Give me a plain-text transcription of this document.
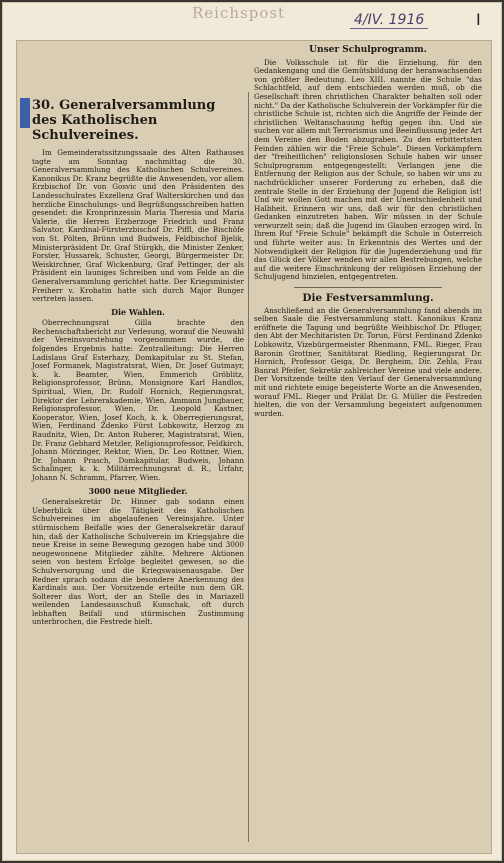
Reichspost	4/IV. 1916	I
30. Generalversammlung des Katholischen Schulvereines.

Im Gemeinderatssitzungssaale des Alten Rathauses tagte am Sonntag nachmittag die 30. Generalversammlung des Katholischen Schulvereines. Kanonikus Dr. Kranz begrüßte die Anwesenden, vor allem Erzbischof Dr. von Gosvic und den Präsidenten des Landesschulrates Exzellenz Graf Walterskirchen und das herzliche Einschulungs- und Begrüßungsschreiben hatten gesendet: die Kronprinzessin Maria Theresia und Maria Valerie, die Herren Erzherzoge Friedrich und Franz Salvator, Kardinal-Fürsterzbischof Dr. Piffl, die Bischöfe von St. Pölten, Brünn und Budweis, Feldbischof Bjelik, Ministerpräsident Dr. Graf Stürgkh, die Minister Zenker, Forster, Hussarek, Schuster, Georgi, Bürgermeister Dr. Weiskirchner, Graf Wickenburg, Graf Pettinger, der als Präsident ein launiges Schreiben und vom Felde an die Generalversammlung gerichtet hatte. Der Kriegsminister Freiherr v. Krobatin hatte sich durch Major Bunger vertreten lassen.

Die Wahlen.

Oberrechnungsrat Gilla brachte den Rechenschaftsbericht zur Verlesung, worauf die Neuwahl der Vereinsvorstehung vorgenommen wurde, die folgendes Ergebnis hatte: Zentralleitung: Die Herren Ladislaus Graf Esterhazy, Domkapitular zu St. Stefan, Josef Formanek, Magistratsrat, Wien, Dr. Josef Gutmayr, k. k. Beamter, Wien, Emmerich Gröblitz, Religionsprofessor, Brünn, Monsignore Karl Handlos, Spiritual, Wien, Dr. Rudolf Hornich, Regierungsrat, Direktor der Lehrerakademie, Wien, Ammann Jungbauer, Religionsprofessor, Wien, Dr. Leopold Kastner, Kooperator, Wien, Josef Koch, k. k. Oberregierungsrat, Wien, Ferdinand Zdenko Fürst Lobkowitz, Herzog zu Raudnitz, Wien, Dr. Anton Ruberer, Magistratsrat, Wien, Dr. Franz Gebhard Metzler, Religionsprofessor, Feldkirch, Johann Mörzinger, Rektor, Wien, Dr. Leo Rottner, Wien, Dr. Johann Prasch, Domkapitular, Budweis, Johann Schalinger, k. k. Militärrechnungsrat d. R., Urfahr, Johann N. Schramm, Pfarrer, Wien.

3000 neue Mitglieder.

Generalsekretär Dr. Hinner gab sodann einen Ueberblick über die Tätigkeit des Katholischen Schulvereines im abgelaufenen Vereinsjahre. Unter stürmischem Beifalle wies der Generalsekretär darauf hin, daß der Katholische Schulverein im Kriegsjahre die neue Kreise in seine Bewegung gezogen habe und 3000 neugewonnene Mitglieder zählte. Mehrere Aktionen seien von bestem Erfolge begleitet gewesen, so die Schulversorgung und die Kriegswaisenausgabe. Der Redner sprach sodann die besondere Anerkennung des Kardinals aus. Der Vorsitzende erteilte nun dem GR. Solterer das Wort, der an Stelle des in Mariazell weilenden Landesausschuß Kunschak, oft durch lebhaften Beifall und stürmischen Zustimmung unterbrochen, die Festrede hielt.

Unser Schulprogramm.

Die Volksschule ist für die Erziehung, für den Gedankengang und die Gemütsbildung der heranwachsenden von größter Bedeutung. Leo XIII. nannte die Schule "das Schlachtfeld, auf dem entschieden werden muß, ob die Gesellschaft ihren christlichen Charakter behalten soll oder nicht." Da der Katholische Schulverein der Vorkämpfer für die christliche Schule ist, richten sich die Angriffe der Feinde der christlichen Weltanschauung heftig gegen ihn. Und sie suchen vor allem mit Terrorismus und Beeinflussung jeder Art dem Vereine den Boden abzugraben. Zu den erbittertsten Feinden zählen wir die "Freie Schule". Diesen Vorkämpfern der "freiheitlichen" religionslosen Schule haben wir unser Schulprogramm entgegengestellt: Verlangen jene die Entfernung der Religion aus der Schule, so haben wir uns zu nachdrücklicher unserer Forderung zu erheben, daß die zentrale Stelle in der Erziehung der Jugend die Religion ist! Und wir wollen Gott machen mit der Unentschiedenheit und Halbheit. Erinnern wir uns, daß wir für den christlichen Gedanken einzutreten haben. Wir müssen in der Schule verwurzelt sein; daß die Jugend im Glauben erzogen wird. In Ihrem Ruf "Freie Schule" bekämpft die Schule in Österreich und führte weiter aus: In Erkenntnis des Wertes und der Notwendigkeit der Religion für die Jugenderziehung und für das Glück der Völker wenden wir allen Bestrebungen, welche auf die weitere Einschränkung der religiösen Erziehung der Schuljugend hinzielen, entgegentreten.

Die Festversammlung.

Anschließend an die Generalversammlung fand abends im selben Saale die Festversammlung statt. Kanonikus Kranz eröffnete die Tagung und begrüßte Weihbischof Dr. Pfluger, den Abt der Mechitaristen Dr. Torun, Fürst Ferdinand Zdenko Lobkowitz, Vizebürgermeister Rhenmann, FML. Rieger, Frau Baronin Grottner, Sanitätsrat Riedling, Regierungsrat Dr. Hornich, Professor Geiga, Dr. Bergheim, Dir. Zehla, Frau Banrat Pfeifer, Sekretär zahlreicher Vereine und viele andere. Der Vorsitzende teilte den Verlauf der Generalversammlung mit und richtete einige begeisterte Worte an die Anwesenden, worauf FML. Rieger und Prälat Dr. G. Müller die Festreden hielten, die von der Versammlung begeistert aufgenommen wurden.
